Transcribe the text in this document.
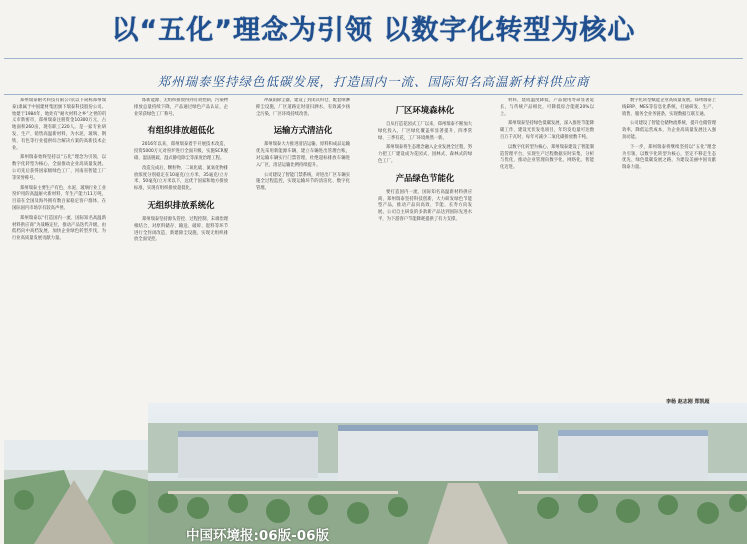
以“五化”理念为引领 以数字化转型为核心
郑州瑞泰坚持绿色低碳发展，打造国内一流、国际知名高温新材料供应商

郑州瑞泰耐火科技有限公司(以下简称郑州瑞泰)隶属于中国建材集团旗下瑞泰科技股份公司。始建于1984年，地处有“耐火材料之乡”之誉的巩义市新密市，郑州瑞泰注册资金10300万元，占地面积260亩，现有职工220人。是一家专业研发、生产、销售高温新材料，为水泥、玻璃、钢铁、有色等行业提供综合解决方案的高新技术企业。

郑州瑞泰始终坚持以“五化”理念为引领，以数字化转型为核心，全面推动企业高质量发展。公司先后获得国家级绿色工厂、河南省智能工厂等荣誉称号。

郑州瑞泰主要生产有色、水泥、玻璃行业工业窑炉用的高温耐火新材料，年生产能力11万吨，目前在全国及海外拥有数百家稳定客户群体，在国际国内市场享有较高声誉。

郑州瑞泰以“打造国内一流、国际知名高温新材料供应商”为战略定位，推动产品迭代升级，由低档向中高档发展，加快企业绿色转型步伐，为行业高质量发展贡献力量。

炼新能源、无组织排放得到有效控制，污染物排放总量持续下降，产品通过绿色产品认证，企业荣获绿色工厂称号。

有组织排放超低化

2016年以来，郑州瑞泰着手开展技术改造，投资5000万元对窑炉进行全面升级，实施SCR脱硝、湿法脱硫、湿式静电除尘等深度治理工程。

改造完成后，颗粒物、二氧化硫、氮氧化物排放浓度分别稳定在10毫克/立方米、35毫克/立方米、50毫克/立方米以下，远优于国家和地方排放标准，实现有组织排放超低化。

无组织排放系统化

郑州瑞泰坚持源头管控、过程控制、末端治理相结合，对原料储存、输送、破碎、混料等环节进行全封闭改造，新建除尘设施，实现无组织排放全面受控。

冲减雨除尘器，建设了封闭式料仓，配套喷淋抑尘设施，厂区道路定时清扫洒水，有效减少扬尘污染，厂区环境持续改善。

运输方式清洁化

郑州瑞泰大力推进清洁运输，原料和成品运输优先采用新能源车辆，建立车辆进出管理台账，对运输车辆实行门禁管理，杜绝超标排放车辆进入厂区，清洁运输比例持续提升。

公司建设了智能门禁系统，对进出厂区车辆实施全过程监控，实现运输环节的清洁化、数字化管理。

厂区环境森林化

自从打造花园式工厂以来，郑州瑞泰不断加大绿化投入，厂区绿化覆盖率显著提升，四季常绿、三季有花，工厂环境焕然一新。

郑州瑞泰将生态理念融入企业发展全过程，努力把工厂建设成为花园式、园林式、森林式的绿色工厂。

产品绿色节能化

要打造国内一流、国际知名高温新材料供应商，郑州瑞泰坚持科技创新，大力研发绿色节能型产品，推动产品向高效、节能、长寿方向发展。公司自主研发的多款新产品达到国际先进水平，为下游客户节能降耗提供了有力支撑。

材料，烧成温度降低，产品使用寿命显著延长，与传统产品相比，可降低综合能耗20%以上。

郑州瑞泰坚持绿色低碳发展，深入推进节能降碳工作，建设光伏发电项目，年均发电量可达数百万千瓦时，每年可减少二氧化碳排放数千吨。

以数字化转型为核心，郑州瑞泰建设了智能制造管理平台，实现生产过程数据实时采集、分析与优化，推动企业管理向数字化、网络化、智能化迈进。

数字化转型赋能企业高质量发展。郑州瑞泰上线ERP、MES等信息化系统，打通研发、生产、销售、服务全业务链条，实现数据互联互通。

公司建设了智能仓储物流系统，提升仓储管理效率，降低运营成本，为企业高质量发展注入强劲动能。

下一步，郑州瑞泰将继续坚持以“五化”理念为引领，以数字化转型为核心，坚定不移走生态优先、绿色低碳发展之路，为建设美丽中国贡献瑞泰力量。

李杨 赵志刚 郑凯超
中国环境报:06版-06版
